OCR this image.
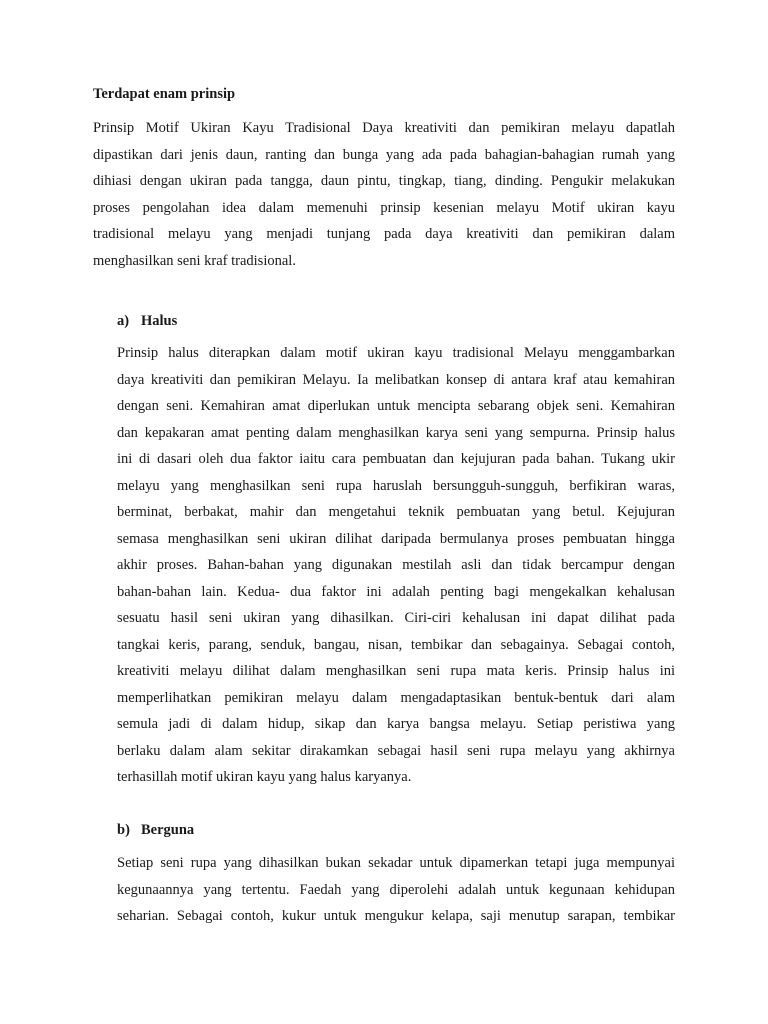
Terdapat enam prinsip

Prinsip Motif Ukiran Kayu Tradisional Daya kreativiti dan pemikiran melayu dapatlah
dipastikan dari jenis daun, ranting dan bunga yang ada pada bahagian-bahagian rumah yang
dihiasi dengan ukiran pada tangga, daun pintu, tingkap, tiang, dinding. Pengukir melakukan
proses pengolahan idea dalam memenuhi prinsip kesenian melayu Motif ukiran kayu
tradisional melayu yang menjadi tunjang pada daya kreativiti dan pemikiran dalam
menghasilkan seni kraf tradisional.

a) Halus

Prinsip halus diterapkan dalam motif ukiran kayu tradisional Melayu menggambarkan
daya kreativiti dan pemikiran Melayu. Ia melibatkan konsep di antara kraf atau kemahiran
dengan seni. Kemahiran amat diperlukan untuk mencipta sebarang objek seni. Kemahiran
dan kepakaran amat penting dalam menghasilkan karya seni yang sempurna. Prinsip halus
ini di dasari oleh dua faktor iaitu cara pembuatan dan kejujuran pada bahan. Tukang ukir
melayu yang menghasilkan seni rupa haruslah bersungguh-sungguh, berfikiran waras,
berminat, berbakat, mahir dan mengetahui teknik pembuatan yang betul. Kejujuran
semasa menghasilkan seni ukiran dilihat daripada bermulanya proses pembuatan hingga
akhir proses. Bahan-bahan yang digunakan mestilah asli dan tidak bercampur dengan
bahan-bahan lain. Kedua- dua faktor ini adalah penting bagi mengekalkan kehalusan
sesuatu hasil seni ukiran yang dihasilkan. Ciri-ciri kehalusan ini dapat dilihat pada
tangkai keris, parang, senduk, bangau, nisan, tembikar dan sebagainya. Sebagai contoh,
kreativiti melayu dilihat dalam menghasilkan seni rupa mata keris. Prinsip halus ini
memperlihatkan pemikiran melayu dalam mengadaptasikan bentuk-bentuk dari alam
semula jadi di dalam hidup, sikap dan karya bangsa melayu. Setiap peristiwa yang
berlaku dalam alam sekitar dirakamkan sebagai hasil seni rupa melayu yang akhirnya
terhasillah motif ukiran kayu yang halus karyanya.

b) Berguna

Setiap seni rupa yang dihasilkan bukan sekadar untuk dipamerkan tetapi juga mempunyai
kegunaannya yang tertentu. Faedah yang diperolehi adalah untuk kegunaan kehidupan
seharian. Sebagai contoh, kukur untuk mengukur kelapa, saji menutup sarapan, tembikar
